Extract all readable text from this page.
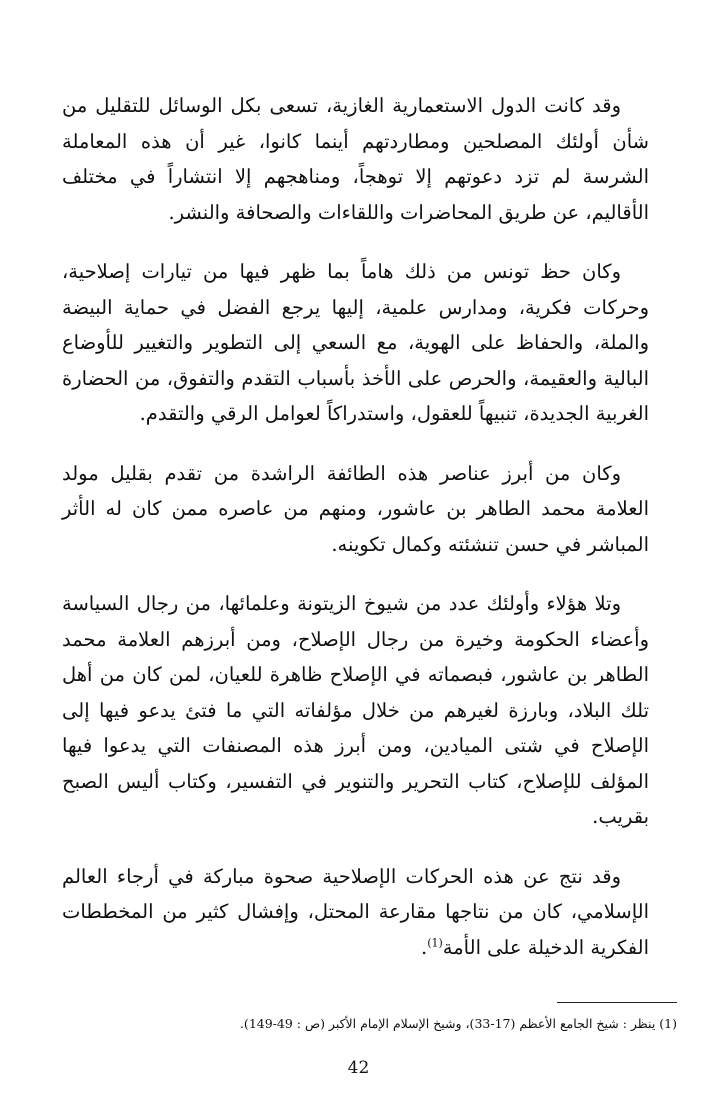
وقد كانت الدول الاستعمارية الغازية، تسعى بكل الوسائل للتقليل من شأن أولئك المصلحين ومطاردتهم أينما كانوا، غير أن هذه المعاملة الشرسة لم تزد دعوتهم إلا توهجاً، ومناهجهم إلا انتشاراً في مختلف الأقاليم، عن طريق المحاضرات واللقاءات والصحافة والنشر.

وكان حظ تونس من ذلك هاماً بما ظهر فيها من تيارات إصلاحية، وحركات فكرية، ومدارس علمية، إليها يرجع الفضل في حماية البيضة والملة، والحفاظ على الهوية، مع السعي إلى التطوير والتغيير للأوضاع البالية والعقيمة، والحرص على الأخذ بأسباب التقدم والتفوق، من الحضارة الغربية الجديدة، تنبيهاً للعقول، واستدراكاً لعوامل الرقي والتقدم.

وكان من أبرز عناصر هذه الطائفة الراشدة من تقدم بقليل مولد العلامة محمد الطاهر بن عاشور، ومنهم من عاصره ممن كان له الأثر المباشر في حسن تنشئته وكمال تكوينه.

وتلا هؤلاء وأولئك عدد من شيوخ الزيتونة وعلمائها، من رجال السياسة وأعضاء الحكومة وخيرة من رجال الإصلاح، ومن أبرزهم العلامة محمد الطاهر بن عاشور، فبصماته في الإصلاح ظاهرة للعيان، لمن كان من أهل تلك البلاد، وبارزة لغيرهم من خلال مؤلفاته التي ما فتئ يدعو فيها إلى الإصلاح في شتى الميادين، ومن أبرز هذه المصنفات التي يدعوا فيها المؤلف للإصلاح، كتاب التحرير والتنوير في التفسير، وكتاب أليس الصبح بقريب.

وقد نتج عن هذه الحركات الإصلاحية صحوة مباركة في أرجاء العالم الإسلامي، كان من نتاجها مقارعة المحتل، وإفشال كثير من المخططات الفكرية الدخيلة على الأمة$^{(1)}$.

(1) ينظر : شيخ الجامع الأعظم (17-33)، وشيخ الإسلام الإمام الأكبر (ص : 49-149).
42
